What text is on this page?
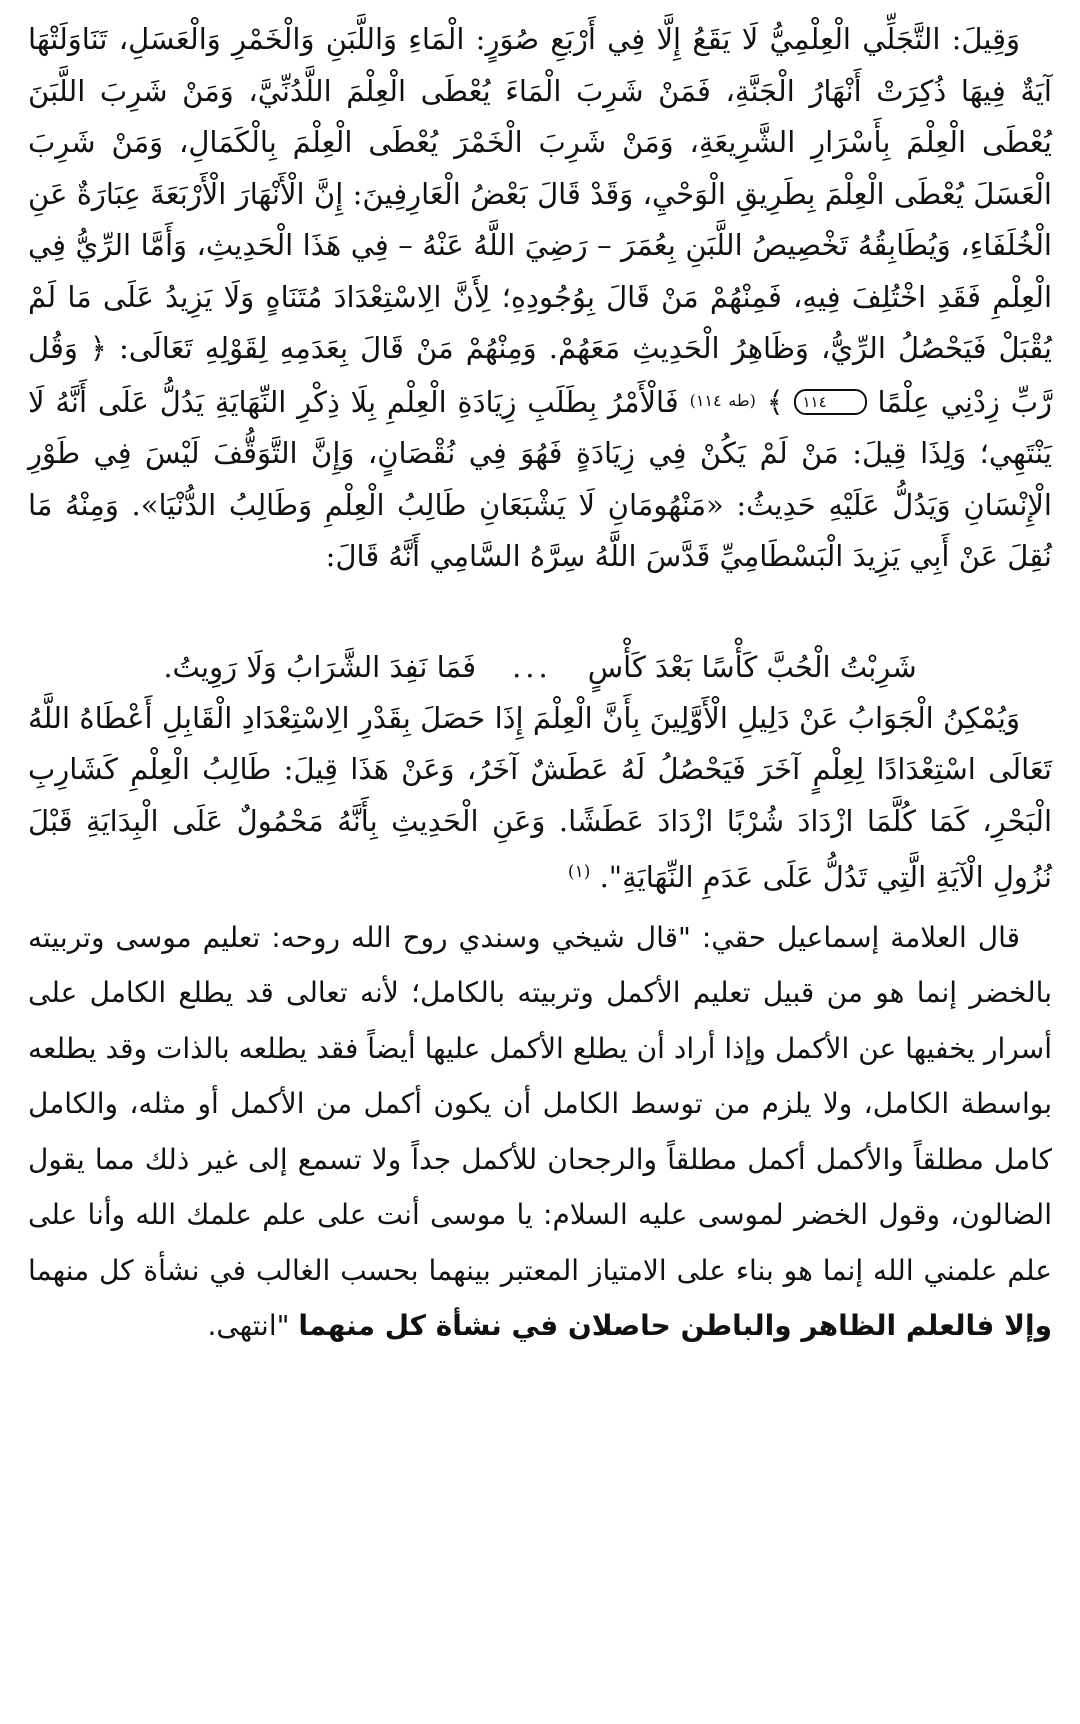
وَقِيلَ: التَّجَلِّي الْعِلْمِيُّ لَا يَقَعُ إِلَّا فِي أَرْبَعِ صُوَرٍ: الْمَاءِ وَاللَّبَنِ وَالْخَمْرِ وَالْعَسَلِ، تَنَاوَلَتْهَا آيَةٌ فِيهَا ذُكِرَتْ أَنْهَارُ الْجَنَّةِ، فَمَنْ شَرِبَ الْمَاءَ يُعْطَى الْعِلْمَ اللَّدُنِّيَّ، وَمَنْ شَرِبَ اللَّبَنَ يُعْطَى الْعِلْمَ بِأَسْرَارِ الشَّرِيعَةِ، وَمَنْ شَرِبَ الْخَمْرَ يُعْطَى الْعِلْمَ بِالْكَمَالِ، وَمَنْ شَرِبَ الْعَسَلَ يُعْطَى الْعِلْمَ بِطَرِيقِ الْوَحْيِ، وَقَدْ قَالَ بَعْضُ الْعَارِفِينَ: إِنَّ الْأَنْهَارَ الْأَرْبَعَةَ عِبَارَةٌ عَنِ الْخُلَفَاءِ، وَيُطَابِقُهُ تَخْصِيصُ اللَّبَنِ بِعُمَرَ – رَضِيَ اللَّهُ عَنْهُ – فِي هَذَا الْحَدِيثِ، وَأَمَّا الرِّيُّ فِي الْعِلْمِ فَقَدِ اخْتُلِفَ فِيهِ، فَمِنْهُمْ مَنْ قَالَ بِوُجُودِهِ؛ لِأَنَّ الِاسْتِعْدَادَ مُتَنَاهٍ وَلَا يَزِيدُ عَلَى مَا لَمْ يُقْبَلْ فَيَحْصُلُ الرِّيُّ، وَظَاهِرُ الْحَدِيثِ مَعَهُمْ. وَمِنْهُمْ مَنْ قَالَ بِعَدَمِهِ لِقَوْلِهِ تَعَالَى: ﴿ وَقُل رَّبِّ زِدْنِي عِلْمًا ١١٤ ﴾ $^{(طه ١١٤)}$ فَالْأَمْرُ بِطَلَبِ زِيَادَةِ الْعِلْمِ بِلَا ذِكْرِ النِّهَايَةِ يَدُلُّ عَلَى أَنَّهُ لَا يَنْتَهِي؛ وَلِذَا قِيلَ: مَنْ لَمْ يَكُنْ فِي زِيَادَةٍ فَهُوَ فِي نُقْصَانٍ، وَإِنَّ التَّوَقُّفَ لَيْسَ فِي طَوْرِ الْإِنْسَانِ وَيَدُلُّ عَلَيْهِ حَدِيثُ: «مَنْهُومَانِ لَا يَشْبَعَانِ طَالِبُ الْعِلْمِ وَطَالِبُ الدُّنْيَا». وَمِنْهُ مَا نُقِلَ عَنْ أَبِي يَزِيدَ الْبَسْطَامِيِّ قَدَّسَ اللَّهُ سِرَّهُ السَّامِي أَنَّهُ قَالَ:

شَرِبْتُ الْحُبَّ كَأْسًا بَعْدَ كَأْسٍ
...
فَمَا نَفِدَ الشَّرَابُ وَلَا رَوِيتُ.

وَيُمْكِنُ الْجَوَابُ عَنْ دَلِيلِ الْأَوَّلِينَ بِأَنَّ الْعِلْمَ إِذَا حَصَلَ بِقَدْرِ الِاسْتِعْدَادِ الْقَابِلِ أَعْطَاهُ اللَّهُ تَعَالَى اسْتِعْدَادًا لِعِلْمٍ آخَرَ فَيَحْصُلُ لَهُ عَطَشٌ آخَرُ، وَعَنْ هَذَا قِيلَ: طَالِبُ الْعِلْمِ كَشَارِبِ الْبَحْرِ، كَمَا كُلَّمَا ازْدَادَ شُرْبًا ازْدَادَ عَطَشًا. وَعَنِ الْحَدِيثِ بِأَنَّهُ مَحْمُولٌ عَلَى الْبِدَايَةِ قَبْلَ نُزُولِ الْآيَةِ الَّتِي تَدُلُّ عَلَى عَدَمِ النِّهَايَةِ". $^{(١)}$

قال العلامة إسماعيل حقي: "قال شيخي وسندي روح الله روحه: تعليم موسى وتربيته بالخضر إنما هو من قبيل تعليم الأكمل وتربيته بالكامل؛ لأنه تعالى قد يطلع الكامل على أسرار يخفيها عن الأكمل وإذا أراد أن يطلع الأكمل عليها أيضاً فقد يطلعه بالذات وقد يطلعه بواسطة الكامل، ولا يلزم من توسط الكامل أن يكون أكمل من الأكمل أو مثله، والكامل كامل مطلقاً والأكمل أكمل مطلقاً والرجحان للأكمل جداً ولا تسمع إلى غير ذلك مما يقول الضالون، وقول الخضر لموسى عليه السلام: يا موسى أنت على علم علمك الله وأنا على علم علمني الله إنما هو بناء على الامتياز المعتبر بينهما بحسب الغالب في نشأة كل منهما وإلا فالعلم الظاهر والباطن حاصلان في نشأة كل منهما "انتهى.
